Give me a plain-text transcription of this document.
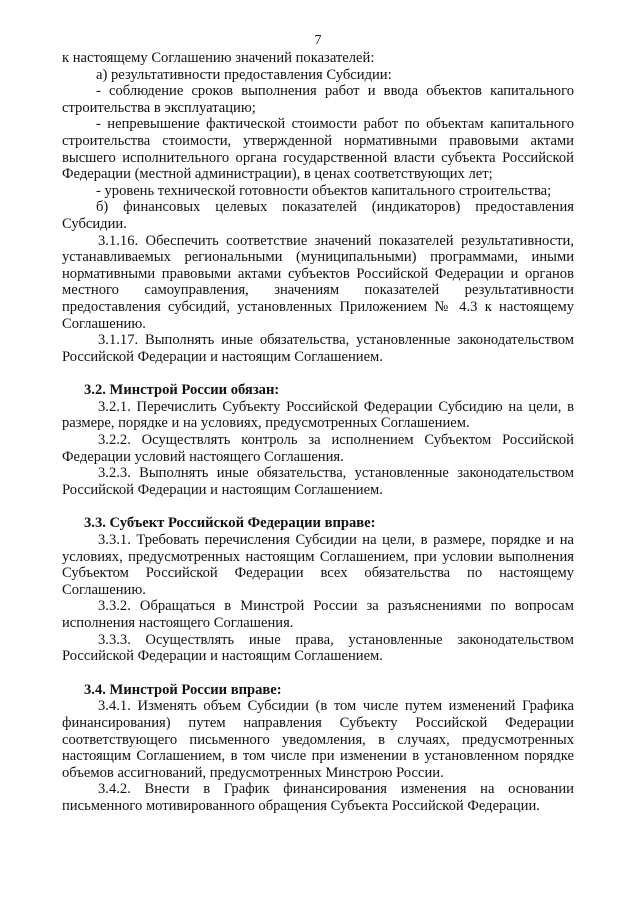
7

к настоящему Соглашению значений показателей:

а) результативности предоставления Субсидии:

- соблюдение сроков выполнения работ и ввода объектов капитального строительства в эксплуатацию;

- непревышение фактической стоимости работ по объектам капитального строительства стоимости, утвержденной нормативными правовыми актами высшего исполнительного органа государственной власти субъекта Российской Федерации (местной администрации), в ценах соответствующих лет;

- уровень технической готовности объектов капитального строительства;

б) финансовых целевых показателей (индикаторов) предоставления Субсидии.

3.1.16. Обеспечить соответствие значений показателей результативности, устанавливаемых региональными (муниципальными) программами, иными нормативными правовыми актами субъектов Российской Федерации и органов местного самоуправления, значениям показателей результативности предоставления субсидий, установленных Приложением № 4.3 к настоящему Соглашению.

3.1.17. Выполнять иные обязательства, установленные законодательством Российской Федерации и настоящим Соглашением.

3.2. Минстрой России обязан:

3.2.1. Перечислить Субъекту Российской Федерации Субсидию на цели, в размере, порядке и на условиях, предусмотренных Соглашением.

3.2.2. Осуществлять контроль за исполнением Субъектом Российской Федерации условий настоящего Соглашения.

3.2.3. Выполнять иные обязательства, установленные законодательством Российской Федерации и настоящим Соглашением.

3.3. Субъект Российской Федерации вправе:

3.3.1. Требовать перечисления Субсидии на цели, в размере, порядке и на условиях, предусмотренных настоящим Соглашением, при условии выполнения Субъектом Российской Федерации всех обязательства по настоящему Соглашению.

3.3.2. Обращаться в Минстрой России за разъяснениями по вопросам исполнения настоящего Соглашения.

3.3.3. Осуществлять иные права, установленные законодательством Российской Федерации и настоящим Соглашением.

3.4. Минстрой России вправе:

3.4.1. Изменять объем Субсидии (в том числе путем изменений Графика финансирования) путем направления Субъекту Российской Федерации соответствующего письменного уведомления, в случаях, предусмотренных настоящим Соглашением, в том числе при изменении в установленном порядке объемов ассигнований, предусмотренных Минстрою России.

3.4.2. Внести в График финансирования изменения на основании письменного мотивированного обращения Субъекта Российской Федерации.
